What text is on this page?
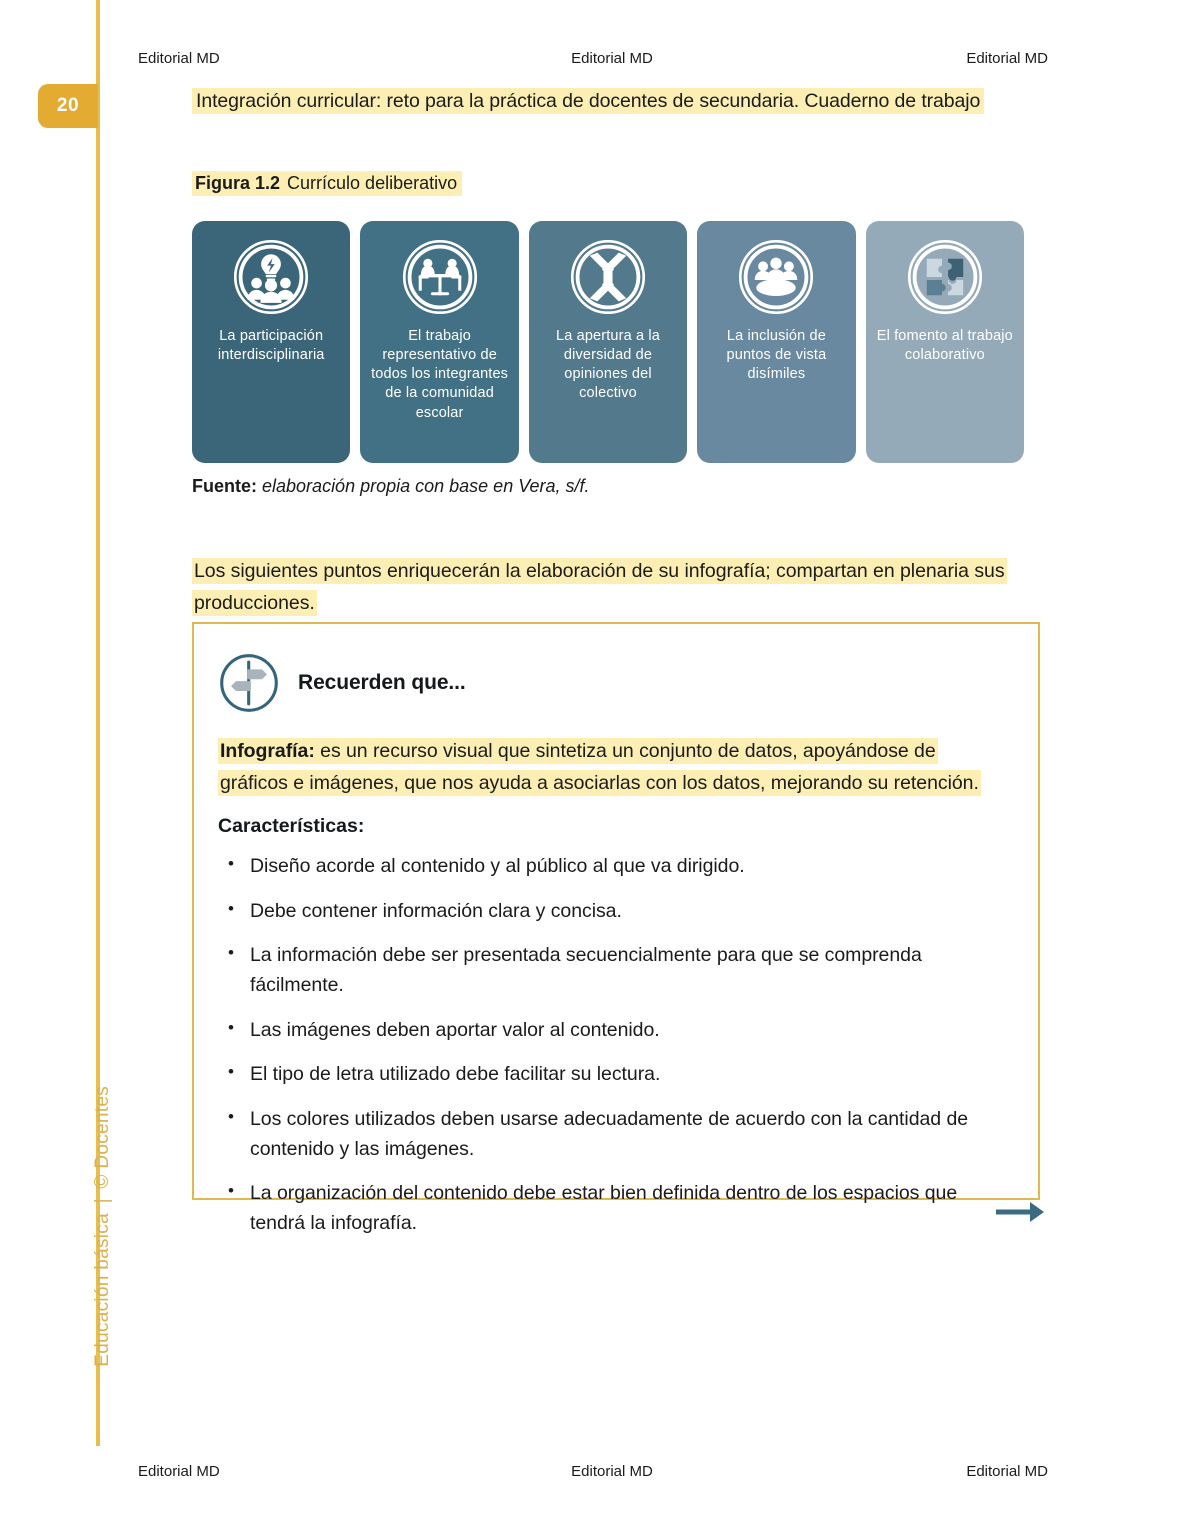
20
Educación básica | © Docentes
Editorial MD	Editorial MD	Editorial MD
Editorial MD	Editorial MD	Editorial MD
Integración curricular: reto para la práctica de docentes de secundaria. Cuaderno de trabajo
Figura 1.2 Currículo deliberativo
La participación interdisciplinaria
El trabajo representativo de todos los integrantes de la comunidad escolar
La apertura a la diversidad de opiniones del colectivo
La inclusión de puntos de vista disímiles
El fomento al trabajo colaborativo
Fuente: elaboración propia con base en Vera, s/f.
Los siguientes puntos enriquecerán la elaboración de su infografía; compartan en plenaria sus producciones.
Recuerden que...
Infografía: es un recurso visual que sintetiza un conjunto de datos, apoyándose de gráficos e imágenes, que nos ayuda a asociarlas con los datos, mejorando su retención.
Características:
• Diseño acorde al contenido y al público al que va dirigido.
• Debe contener información clara y concisa.
• La información debe ser presentada secuencialmente para que se comprenda fácilmente.
• Las imágenes deben aportar valor al contenido.
• El tipo de letra utilizado debe facilitar su lectura.
• Los colores utilizados deben usarse adecuadamente de acuerdo con la cantidad de contenido y las imágenes.
• La organización del contenido debe estar bien definida dentro de los espacios que tendrá la infografía.
